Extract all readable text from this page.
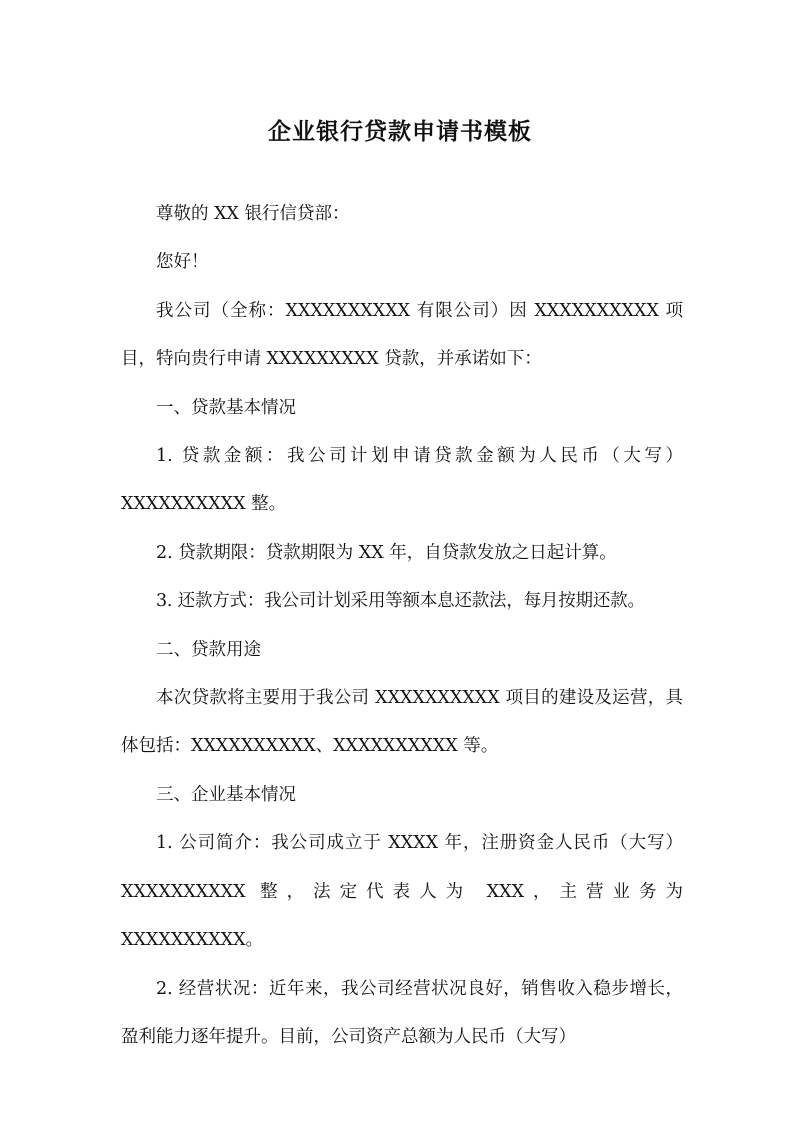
企业银行贷款申请书模板

尊敬的 XX 银行信贷部：

您好！

我公司（全称：XXXXXXXXXX 有限公司）因 XXXXXXXXXX 项目，特向贵行申请 XXXXXXXXX 贷款，并承诺如下：

一、贷款基本情况

1. 贷款金额：我公司计划申请贷款金额为人民币（大写）XXXXXXXXXX 整。

2. 贷款期限：贷款期限为 XX 年，自贷款发放之日起计算。

3. 还款方式：我公司计划采用等额本息还款法，每月按期还款。

二、贷款用途

本次贷款将主要用于我公司 XXXXXXXXXX 项目的建设及运营，具体包括：XXXXXXXXXX、XXXXXXXXXX 等。

三、企业基本情况

1. 公司简介：我公司成立于 XXXX 年，注册资金人民币（大写）XXXXXXXXXX 整，法定代表人为 XXX，主营业务为 XXXXXXXXXX。

2. 经营状况：近年来，我公司经营状况良好，销售收入稳步增长，盈利能力逐年提升。目前，公司资产总额为人民币（大写）
